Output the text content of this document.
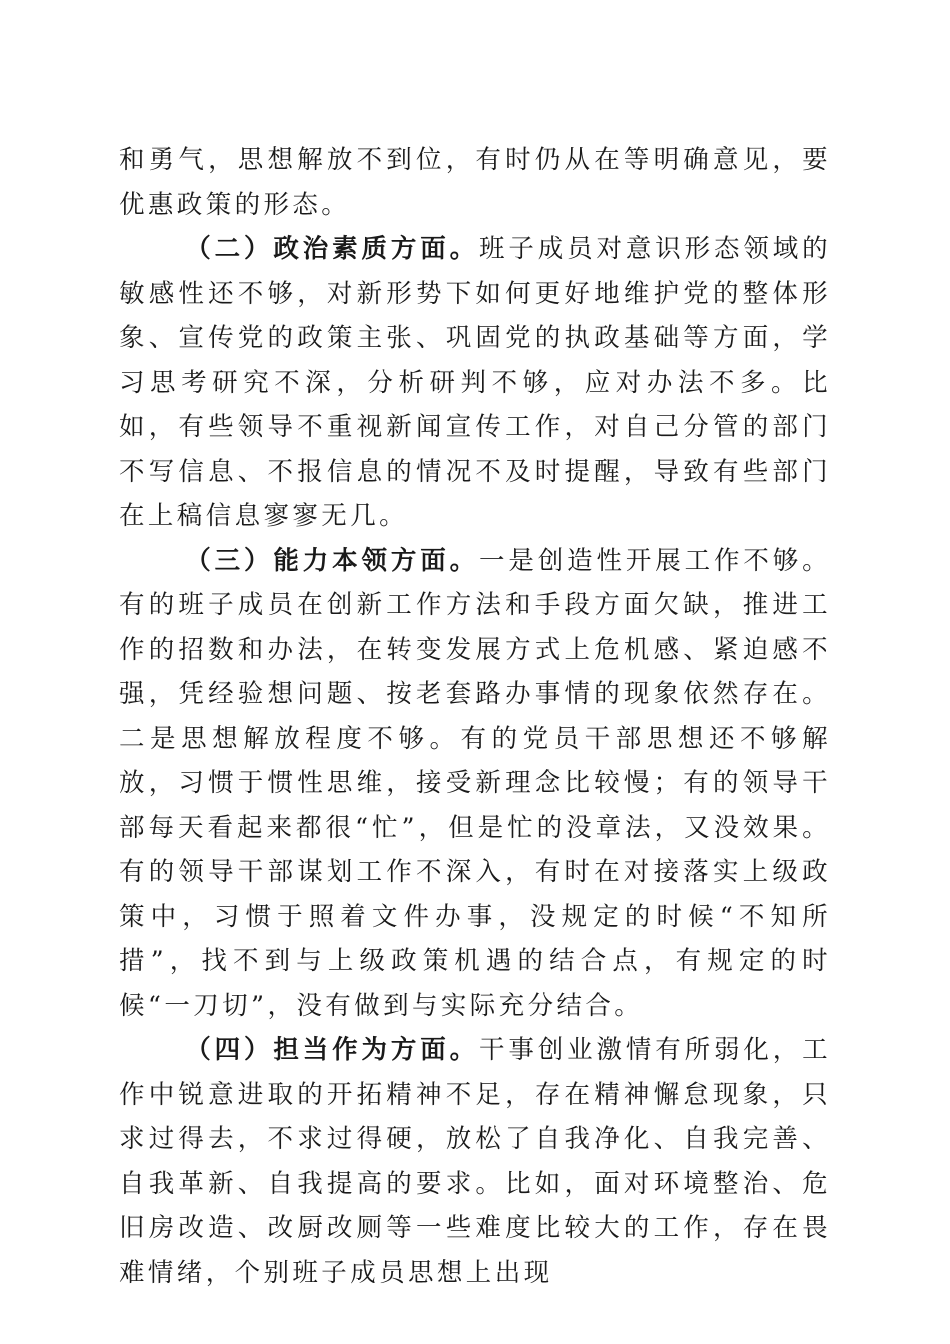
和勇气，思想解放不到位，有时仍从在等明确意见，要优惠政策的形态。

（二）政治素质方面。班子成员对意识形态领域的敏感性还不够，对新形势下如何更好地维护党的整体形象、宣传党的政策主张、巩固党的执政基础等方面，学习思考研究不深，分析研判不够，应对办法不多。比如，有些领导不重视新闻宣传工作，对自己分管的部门不写信息、不报信息的情况不及时提醒，导致有些部门在上稿信息寥寥无几。

（三）能力本领方面。一是创造性开展工作不够。有的班子成员在创新工作方法和手段方面欠缺，推进工作的招数和办法，在转变发展方式上危机感、紧迫感不强，凭经验想问题、按老套路办事情的现象依然存在。二是思想解放程度不够。有的党员干部思想还不够解放，习惯于惯性思维，接受新理念比较慢；有的领导干部每天看起来都很“忙”，但是忙的没章法，又没效果。有的领导干部谋划工作不深入，有时在对接落实上级政策中，习惯于照着文件办事，没规定的时候“不知所措”，找不到与上级政策机遇的结合点，有规定的时候“一刀切”，没有做到与实际充分结合。

（四）担当作为方面。干事创业激情有所弱化，工作中锐意进取的开拓精神不足，存在精神懈怠现象，只求过得去，不求过得硬，放松了自我净化、自我完善、自我革新、自我提高的要求。比如，面对环境整治、危旧房改造、改厨改厕等一些难度比较大的工作，存在畏难情绪，个别班子成员思想上出现
